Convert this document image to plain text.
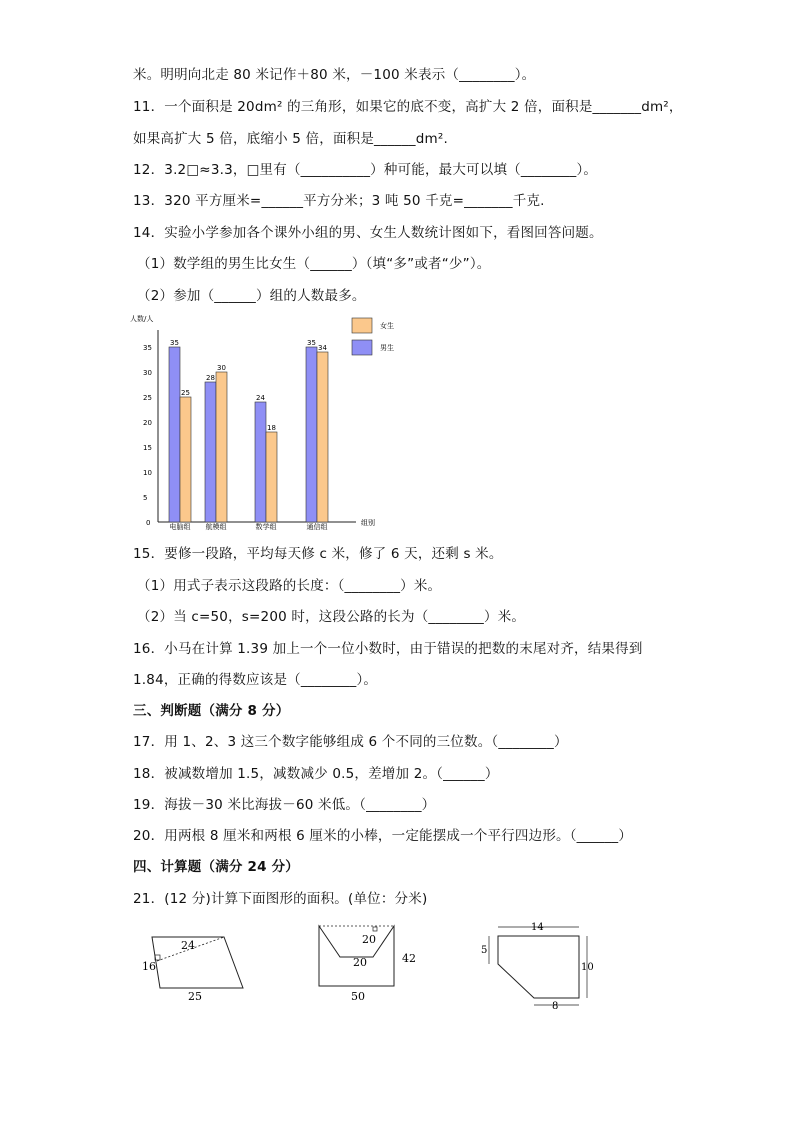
米。明明向北走 80 米记作＋80 米，－100 米表示（________）。
11．一个面积是 20dm² 的三角形，如果它的底不变，高扩大 2 倍，面积是_______dm²，
如果高扩大 5 倍，底缩小 5 倍，面积是______dm².
12．3.2□≈3.3，□里有（__________）种可能，最大可以填（________）。
13．320 平方厘米=______平方分米；3 吨 50 千克=_______千克.
14．实验小学参加各个课外小组的男、女生人数统计图如下，看图回答问题。
（1）数学组的男生比女生（______）（填“多”或者“少”）。
（2）参加（______）组的人数最多。
人数/人
组别
0
5
10
15
20
25
30
35
35
25
电脑组
28
30
航模组
24
18
数学组
35
34
通信组
女生
男生
15．要修一段路，平均每天修 c 米，修了 6 天，还剩 s 米。
（1）用式子表示这段路的长度：（________）米。
（2）当 c=50，s=200 时，这段公路的长为（________）米。
16．小马在计算 1.39 加上一个一位小数时，由于错误的把数的末尾对齐，结果得到
1.84，正确的得数应该是（________）。
三、判断题（满分 8 分）
17．用 1、2、3 这三个数字能够组成 6 个不同的三位数。（________）
18．被减数增加 1.5，减数减少 0.5，差增加 2。（______）
19．海拔－30 米比海拔－60 米低。（________）
20．用两根 8 厘米和两根 6 厘米的小棒，一定能摆成一个平行四边形。（______）
四、计算题（满分 24 分）
21．(12 分)计算下面图形的面积。(单位：分米)
24
16
25
20
20	42
50
14
5
10
8
